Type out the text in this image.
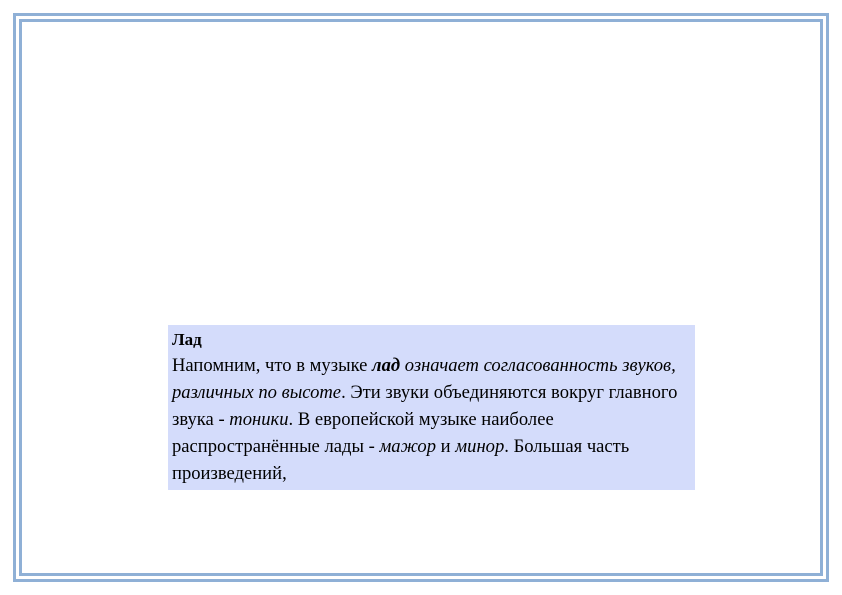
Лад

Напомним, что в музыке лад означает согласованность звуков, различных по высоте. Эти звуки объединяются вокруг главного звука - тоники. В европейской музыке наиболее распространённые лады - мажор и минор. Большая часть произведений,
